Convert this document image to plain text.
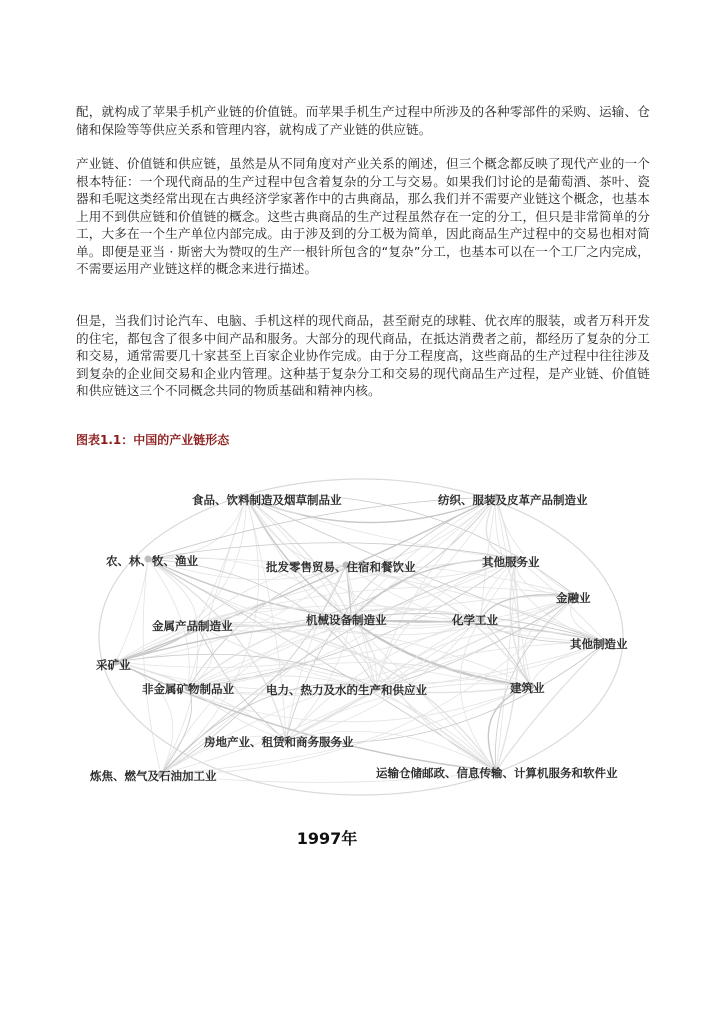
配，就构成了苹果手机产业链的价值链。而苹果手机生产过程中所涉及的各种零部件的采购、运输、仓储和保险等等供应关系和管理内容，就构成了产业链的供应链。

产业链、价值链和供应链，虽然是从不同角度对产业关系的阐述，但三个概念都反映了现代产业的一个根本特征：一个现代商品的生产过程中包含着复杂的分工与交易。如果我们讨论的是葡萄酒、茶叶、瓷器和毛呢这类经常出现在古典经济学家著作中的古典商品，那么我们并不需要产业链这个概念，也基本上用不到供应链和价值链的概念。这些古典商品的生产过程虽然存在一定的分工，但只是非常简单的分工，大多在一个生产单位内部完成。由于涉及到的分工极为简单，因此商品生产过程中的交易也相对简单。即便是亚当 · 斯密大为赞叹的生产一根针所包含的“复杂”分工，也基本可以在一个工厂之内完成，不需要运用产业链这样的概念来进行描述。

但是，当我们讨论汽车、电脑、手机这样的现代商品，甚至耐克的球鞋、优衣库的服装，或者万科开发的住宅，都包含了很多中间产品和服务。大部分的现代商品，在抵达消费者之前，都经历了复杂的分工和交易，通常需要几十家甚至上百家企业协作完成。由于分工程度高，这些商品的生产过程中往往涉及到复杂的企业间交易和企业内管理。这种基于复杂分工和交易的现代商品生产过程，是产业链、价值链和供应链这三个不同概念共同的物质基础和精神内核。

图表1.1：中国的产业链形态

食品、饮料制造及烟草制品业	纺织、服装及皮革产品制造业
农、林、牧、渔业	批发零售贸易、住宿和餐饮业	其他服务业
金融业
金属产品制造业	机械设备制造业	化学工业
其他制造业
采矿业
非金属矿物制品业	电力、热力及水的生产和供应业	建筑业
房地产业、租赁和商务服务业
炼焦、燃气及石油加工业	运输仓储邮政、信息传输、计算机服务和软件业

1997年
